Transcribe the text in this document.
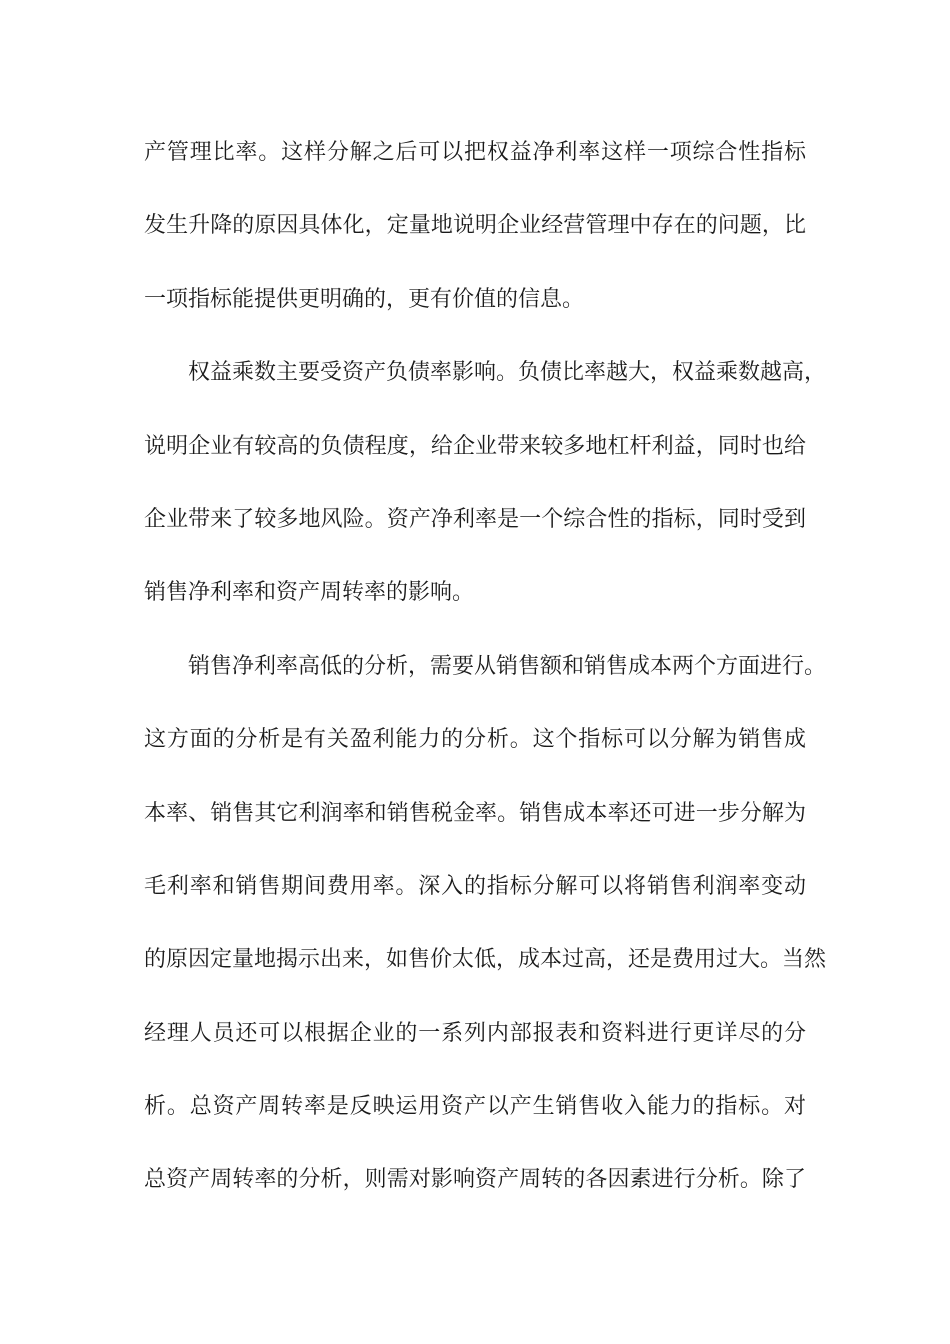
产管理比率。这样分解之后可以把权益净利率这样一项综合性指标
发生升降的原因具体化，定量地说明企业经营管理中存在的问题，比
一项指标能提供更明确的，更有价值的信息。
权益乘数主要受资产负债率影响。负债比率越大，权益乘数越高，
说明企业有较高的负债程度，给企业带来较多地杠杆利益，同时也给
企业带来了较多地风险。资产净利率是一个综合性的指标，同时受到
销售净利率和资产周转率的影响。
销售净利率高低的分析，需要从销售额和销售成本两个方面进行。
这方面的分析是有关盈利能力的分析。这个指标可以分解为销售成
本率、销售其它利润率和销售税金率。销售成本率还可进一步分解为
毛利率和销售期间费用率。深入的指标分解可以将销售利润率变动
的原因定量地揭示出来，如售价太低，成本过高，还是费用过大。当然
经理人员还可以根据企业的一系列内部报表和资料进行更详尽的分
析。总资产周转率是反映运用资产以产生销售收入能力的指标。对
总资产周转率的分析，则需对影响资产周转的各因素进行分析。除了
